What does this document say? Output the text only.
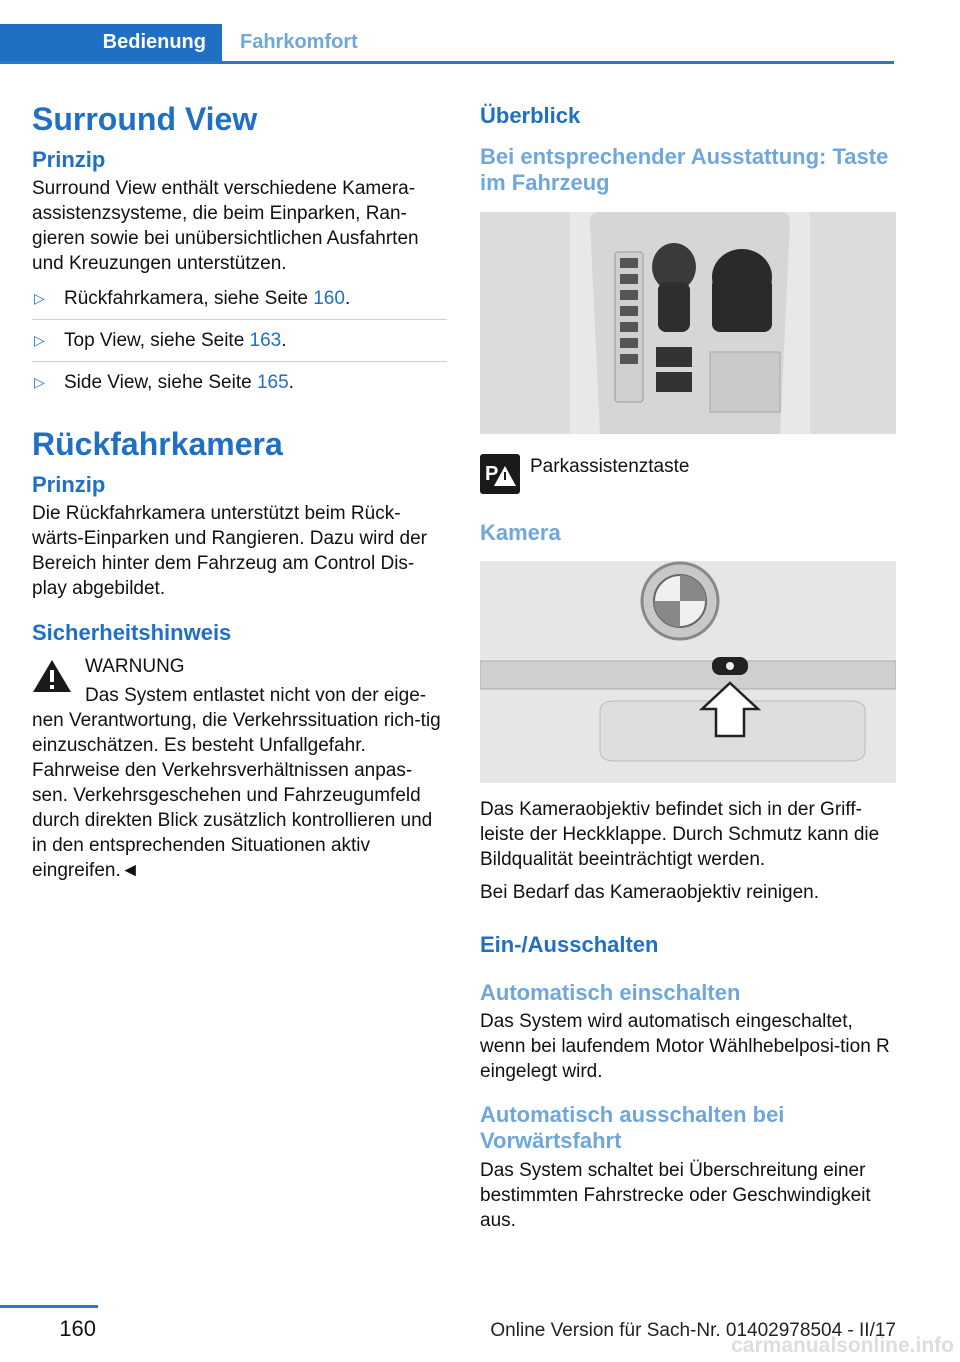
Bedienung	Fahrkomfort
Surround View
Prinzip

Surround View enthält verschiedene Kamera-assistenzsysteme, die beim Einparken, Ran-gieren sowie bei unübersichtlichen Ausfahrten und Kreuzungen unterstützen.

▷ Rückfahrkamera, siehe Seite 160.
▷ Top View, siehe Seite 163.
▷ Side View, siehe Seite 165.
Rückfahrkamera
Prinzip

Die Rückfahrkamera unterstützt beim Rück-wärts-Einparken und Rangieren. Dazu wird der Bereich hinter dem Fahrzeug am Control Dis-play abgebildet.

Sicherheitshinweis

WARNUNG

Das System entlastet nicht von der eige-

nen Verantwortung, die Verkehrssituation rich-tig einzuschätzen. Es besteht Unfallgefahr. Fahrweise den Verkehrsverhältnissen anpas-sen. Verkehrsgeschehen und Fahrzeugumfeld durch direkten Blick zusätzlich kontrollieren und in den entsprechenden Situationen aktiv eingreifen.◄

Überblick
Bei entsprechender Ausstattung: Taste im Fahrzeug
P Parkassistenztaste
Kamera

Das Kameraobjektiv befindet sich in der Griff-leiste der Heckklappe. Durch Schmutz kann die Bildqualität beeinträchtigt werden.

Bei Bedarf das Kameraobjektiv reinigen.

Ein-/Ausschalten
Automatisch einschalten

Das System wird automatisch eingeschaltet, wenn bei laufendem Motor Wählhebelposi-tion R eingelegt wird.

Automatisch ausschalten bei Vorwärtsfahrt

Das System schaltet bei Überschreitung einer bestimmten Fahrstrecke oder Geschwindigkeit aus.

160	Online Version für Sach-Nr. 01402978504 - II/17
carmanualsonline.info
